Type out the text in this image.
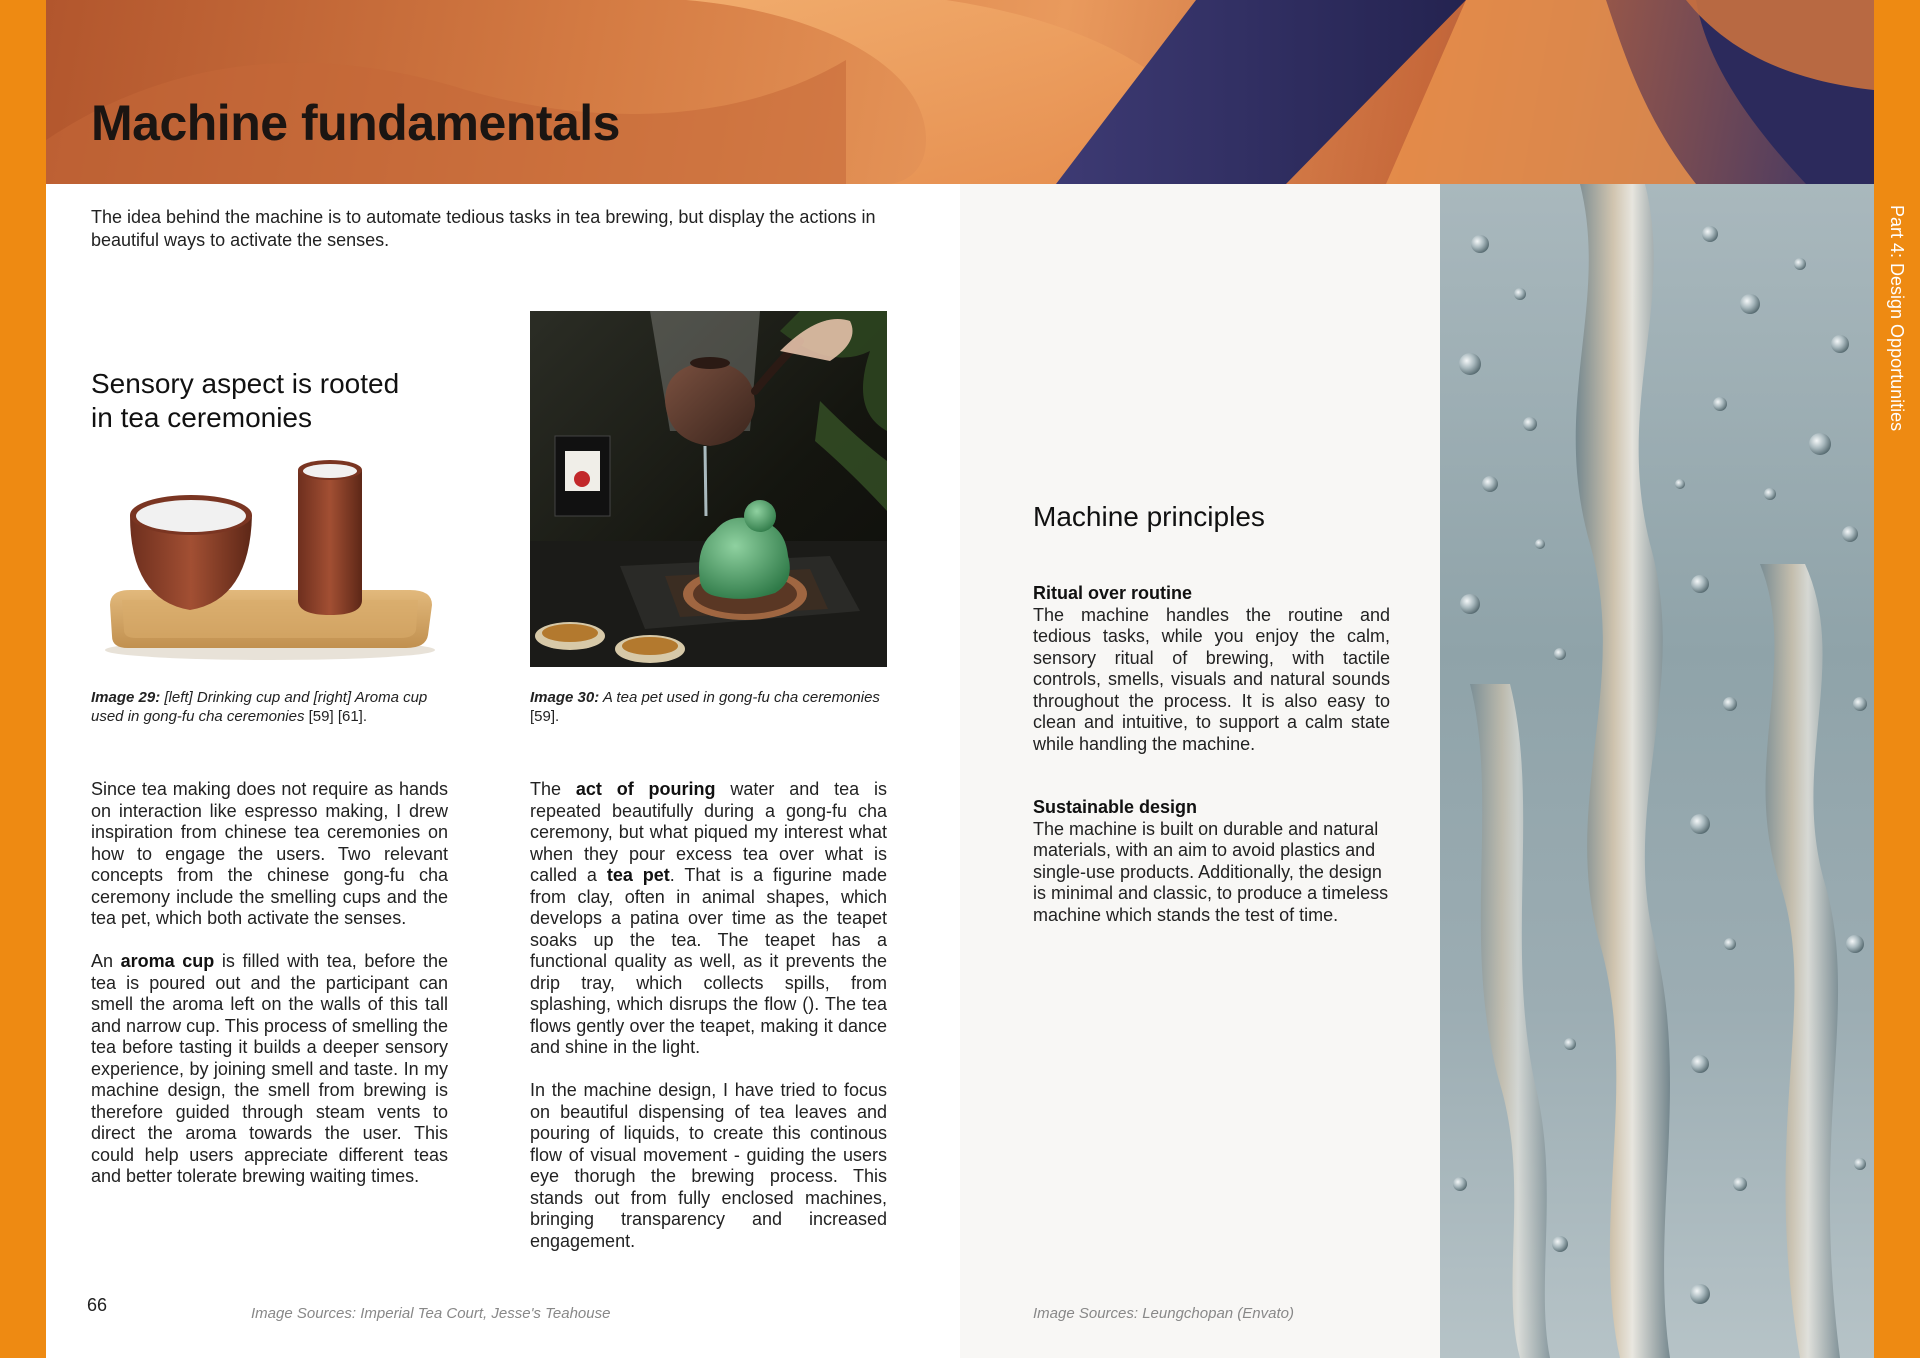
Machine fundamentals
The idea behind the machine is to automate tedious tasks in tea brewing, but display the actions in beautiful ways to activate the senses.
Sensory aspect is rooted
in tea ceremonies
Image 29: [left] Drinking cup and [right] Aroma cup used in gong-fu cha ceremonies [59] [61].
Image 30: A tea pet used in gong-fu cha ceremonies [59].

Since tea making does not require as hands on interaction like espresso making, I drew inspiration from chinese tea ceremonies on how to engage the users. Two relevant concepts from the chinese gong-fu cha ceremony include the smelling cups and the tea pet, which both activate the senses.

An aroma cup is filled with tea, before the tea is poured out and the participant can smell the aroma left on the walls of this tall and narrow cup. This process of smelling the tea before tasting it builds a deeper sensory experience, by joining smell and taste. In my machine design, the smell from brewing is therefore guided through steam vents to direct the aroma towards the user. This could help users appreciate different teas and better tolerate brewing waiting times.

The act of pouring water and tea is repeated beautifully during a gong-fu cha ceremony, but what piqued my interest what when they pour excess tea over what is called a tea pet. That is a figurine made from clay, often in animal shapes, which develops a patina over time as the teapet soaks up the tea. The teapet has a functional quality as well, as it prevents the drip tray, which collects spills, from splashing, which disrups the flow (). The tea flows gently over the teapet, making it dance and shine in the light.

In the machine design, I have tried to focus on beautiful dispensing of tea leaves and pouring of liquids, to create this continous flow of visual movement - guiding the users eye thorugh the brewing process. This stands out from fully enclosed machines, bringing transparency and increased engagement.

Machine principles
Ritual over routine
The machine handles the routine and tedious tasks, while you enjoy the calm, sensory ritual of brewing, with tactile controls, smells, visuals and natural sounds throughout the process. It is also easy to clean and intuitive, to support a calm state while handling the machine.
Sustainable design
The machine is built on durable and natural materials, with an aim to avoid plastics and single-use products. Additionally, the design is minimal and classic, to produce a timeless machine which stands the test of time.
66	Image Sources: Imperial Tea Court, Jesse's Teahouse	Image Sources: Leungchopan (Envato)
Part 4: Design Opportunities
